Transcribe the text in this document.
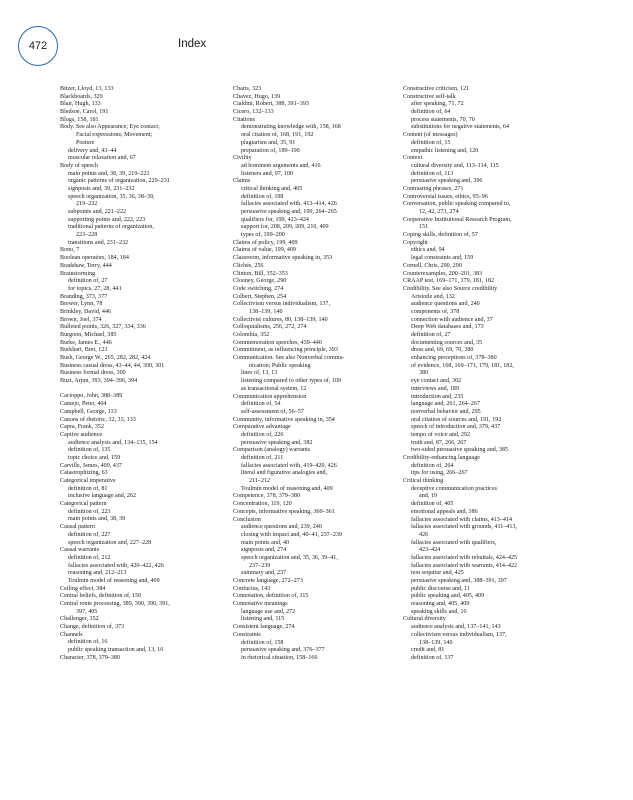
472	Index

Bitzer, Lloyd, 13, 133

Blackboards, 329

Blair, Hugh, 133

Bledsoe, Carol, 191

Blogs, 158, 181

Body. See also Appearance; Eye contact;

Facial expressions; Movement;

Posture

delivery and, 43–44

muscular relaxation and, 67

Body of speech

main points and, 38, 39, 219–221

organic patterns of organization, 229–231

signposts and, 39, 231–232

speech organization, 35, 36, 38–39,

219–232

subpoints and, 221–222

supporting points and, 222, 223

traditional patterns of organization,

223–228

transitions and, 231–232

Bono, 7

Boolean operators, 184, 184

Bradshaw, Terry, 444

Brainstorming

definition of, 27

for topics, 27, 28, 441

Branding, 373, 377

Brewer, Lynn, 78

Brinkley, David, 446

Brown, Joel, 374

Bulleted points, 326, 327, 334, 336

Burgoon, Michael, 385

Burke, James E., 446

Burkhart, Bret, 123

Bush, George W., 265, 282, 282, 424

Business casual dress, 43–44, 44, 300, 301

Business formal dress, 300

Buzi, Arjun, 393, 394–396, 394

Cacioppo, John, 388–389

Camejo, Peter, 404

Campbell, George, 133

Canons of rhetoric, 32, 33, 133

Capra, Frank, 352

Captive audience

audience analysis and, 134–135, 154

definition of, 135

topic choice and, 159

Carville, James, 409, 437

Catastrophizing, 63

Categorical imperative

definition of, 81

inclusive language and, 262

Categorical pattern

definition of, 223

main points and, 38, 39

Causal pattern

definition of, 227

speech organization and, 227–228

Causal warrants

definition of, 212

fallacies associated with, 420–422, 426

reasoning and, 212–213

Toulmin model of reasoning and, 409

Ceiling effect, 384

Central beliefs, definition of, 150

Central route processing, 389, 390, 390, 391,

397, 405

Challenger, 352

Change, definition of, 373

Channels

definition of, 16

public speaking transaction and, 13, 16

Character, 378, 379–380

Charts, 323

Chavez, Hugo, 139

Cialdini, Robert, 388, 391–393

Cicero, 132–133

Citations

demonstrating knowledge with, 158, 168

oral citation of, 168, 191, 192

plagiarism and, 35, 91

preparation of, 189–190

Civility

ad hominem arguments and, 416

listeners and, 97, 100

Claims

critical thinking and, 405

definition of, 198

fallacies associated with, 413–414, 426

persuasive speaking and, 199, 264–265

qualifiers for, 199, 423–424

support for, 208, 209, 209, 210, 409

types of, 199–200

Claims of policy, 199, 409

Claims of value, 199, 409

Classroom, informative speaking in, 353

Clichés, 256

Clinton, Bill, 352–353

Clooney, George, 290

Code switching, 274

Colbert, Stephen, 254

Collectivism versus individualism, 137,

138–139, 140

Collectivist cultures, 80, 138–139, 140

Colloquialisms, 256, 272, 274

Colombia, 352

Commemoration speeches, 439–440

Commitment, as influencing principle, 393

Communication. See also Nonverbal commu-

nication; Public speaking

lines of, 13, 13

listening compared to other types of, 109

as transactional system, 12

Communication apprehension

definition of, 54

self-assessment of, 56–57

Community, informative speaking in, 354

Comparative advantage

definition of, 226

persuasive speaking and, 382

Comparison (analogy) warrants

definition of, 211

fallacies associated with, 419–420, 426

literal and figurative analogies and,

211–212

Toulmin model of reasoning and, 409

Competence, 378, 379–380

Concentration, 119, 120

Concepts, informative speaking, 360–361

Conclusion

audience questions and, 239, 240

closing with impact and, 40–41, 237–239

main points and, 40

signposts and, 274

speech organization and, 35, 36, 39–41,

237–239

summary and, 237

Concrete language, 272–273

Confucius, 143

Connotation, definition of, 115

Connotative meanings

language use and, 272

listening and, 115

Consistent language, 274

Constraints

definition of, 158

persuasive speaking and, 376–377

in rhetorical situation, 158–160

Constructive criticism, 121

Constructive self-talk

after speaking, 71, 72

definition of, 64

process statements, 70, 70

substitutions for negative statements, 64

Content (of messages)

definition of, 15

empathic listening and, 120

Context

cultural diversity and, 113–114, 115

definition of, 113

persuasive speaking and, 396

Contrasting phrases, 271

Controversial issues, ethics, 95–96

Conversation, public speaking compared to,

12, 42, 273, 274

Cooperative Institutional Research Program,

151

Coping skills, definition of, 57

Copyright

ethics and, 94

legal constraints and, 159

Cornell, Chris, 290, 290

Counterexamples, 200–201, 383

CRAAP test, 169–171, 179, 181, 182

Credibility. See also Source credibility

Aristotle and, 132

audience questions and, 240

components of, 378

connection with audience and, 37

Deep Web databases and, 173

definition of, 27

documenting sources and, 35

dress and, 69, 69, 70, 380

enhancing perceptions of, 378–380

of evidence, 168, 169–171, 179, 181, 182,

380

eye contact and, 302

interviews and, 189

introduction and, 235

language and, 261, 264–267

nonverbal behavior and, 295

oral citation of sources and, 191, 192

speech of introduction and, 379, 437

tempo of voice and, 292

truth and, 87, 266, 267

two-sided persuasive speaking and, 385

Credibility-enhancing language

definition of, 264

tips for using, 266–267

Critical thinking

deceptive communication practices

and, 19

definition of, 405

emotional appeals and, 386

fallacies associated with claims, 413–414

fallacies associated with grounds, 411–413,

426

fallacies associated with qualifiers,

423–424

fallacies associated with rebuttals, 424–425

fallacies associated with warrants, 414–422

non sequitur and, 425

persuasive speaking and, 388–391, 397

public discourse and, 11

public speaking and, 405, 409

reasoning and, 405, 409

speaking skills and, 10

Cultural diversity

audience analysis and, 137–141, 143

collectivism versus individualism, 137,

138–139, 140

credit and, 81

definition of, 137
